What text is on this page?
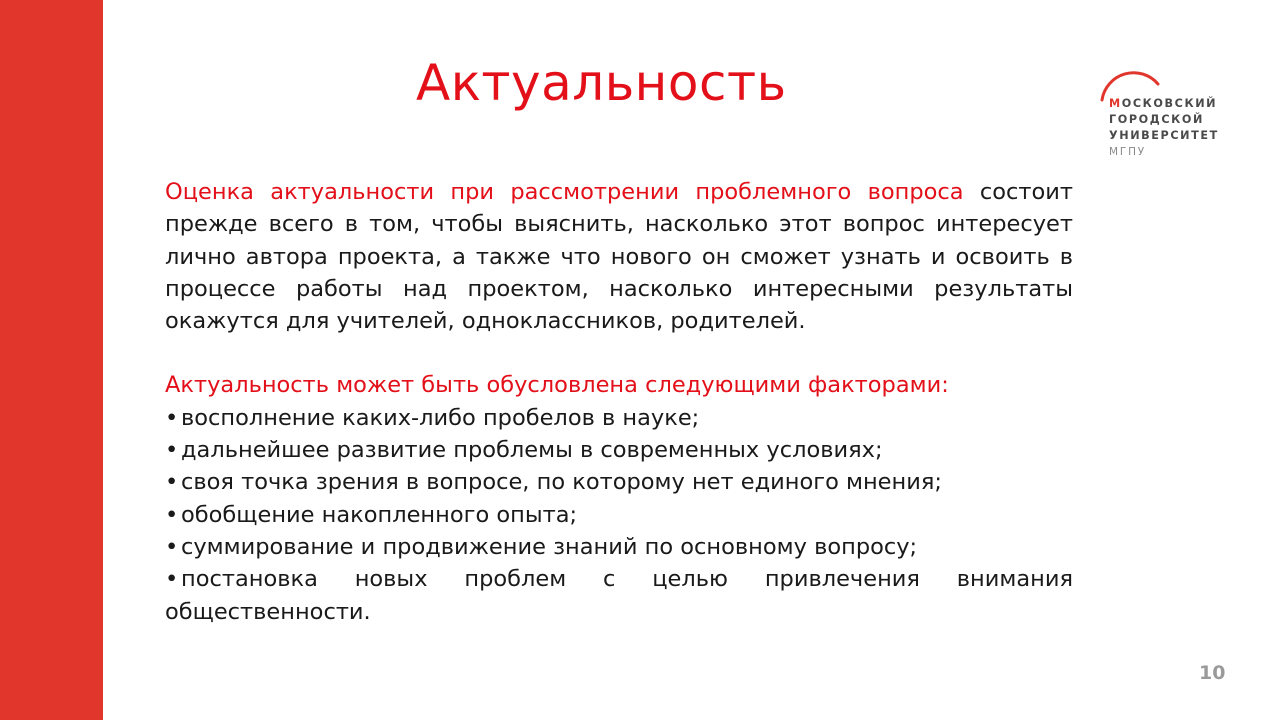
Актуальность	МОСКОВСКИЙ
ГОРОДСКОЙ
УНИВЕРСИТЕТ
МГПУ

Оценка актуальности при рассмотрении проблемного вопроса состоит прежде всего в том, чтобы выяснить, насколько этот вопрос интересует лично автора проекта, а также что нового он сможет узнать и освоить в процессе работы над проектом, насколько интересными результаты окажутся для учителей, одноклассников, родителей.

Актуальность может быть обусловлена следующими факторами:

• восполнение каких-либо пробелов в науке;
• дальнейшее развитие проблемы в современных условиях;
• своя точка зрения в вопросе, по которому нет единого мнения;
• обобщение накопленного опыта;
• суммирование и продвижение знаний по основному вопросу;
• постановка новых проблем с целью привлечения внимания общественности.
10
